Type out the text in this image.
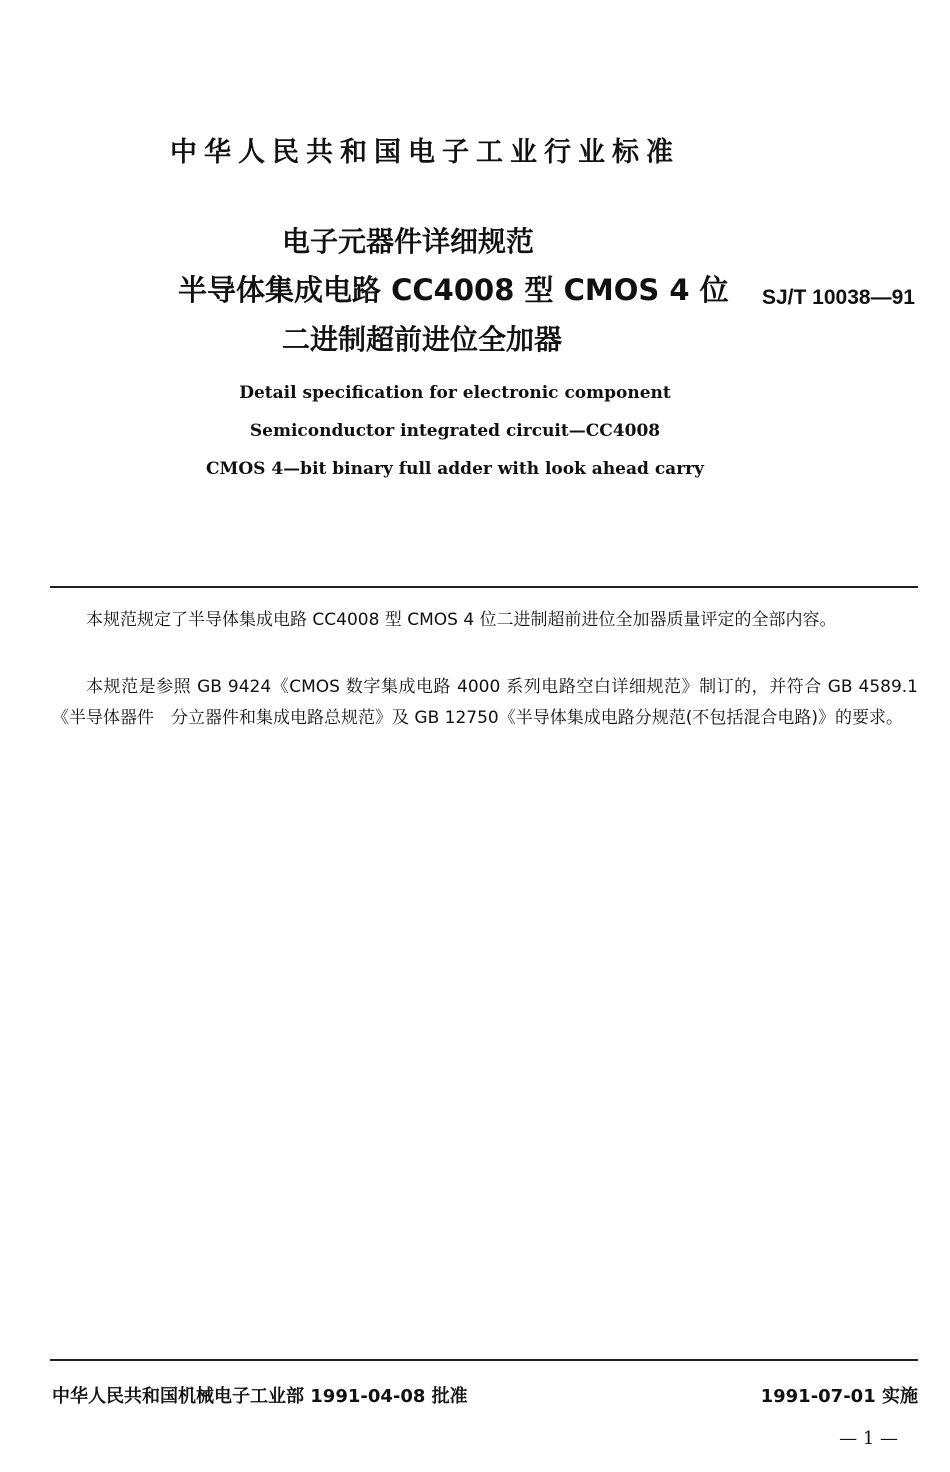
中华人民共和国电子工业行业标准
电子元器件详细规范
半导体集成电路 CC4008 型 CMOS 4 位
二进制超前进位全加器
SJ/T 10038—91
Detail specification for electronic component
Semiconductor integrated circuit—CC4008
CMOS 4—bit binary full adder with look ahead carry

本规范规定了半导体集成电路 CC4008 型 CMOS 4 位二进制超前进位全加器质量评定的全部内容。

本规范是参照 GB 9424《CMOS 数字集成电路 4000 系列电路空白详细规范》制订的，并符合 GB 4589.1《半导体器件　分立器件和集成电路总规范》及 GB 12750《半导体集成电路分规范(不包括混合电路)》的要求。

中华人民共和国机械电子工业部 1991-04-08 批准	1991-07-01 实施
— 1 —
